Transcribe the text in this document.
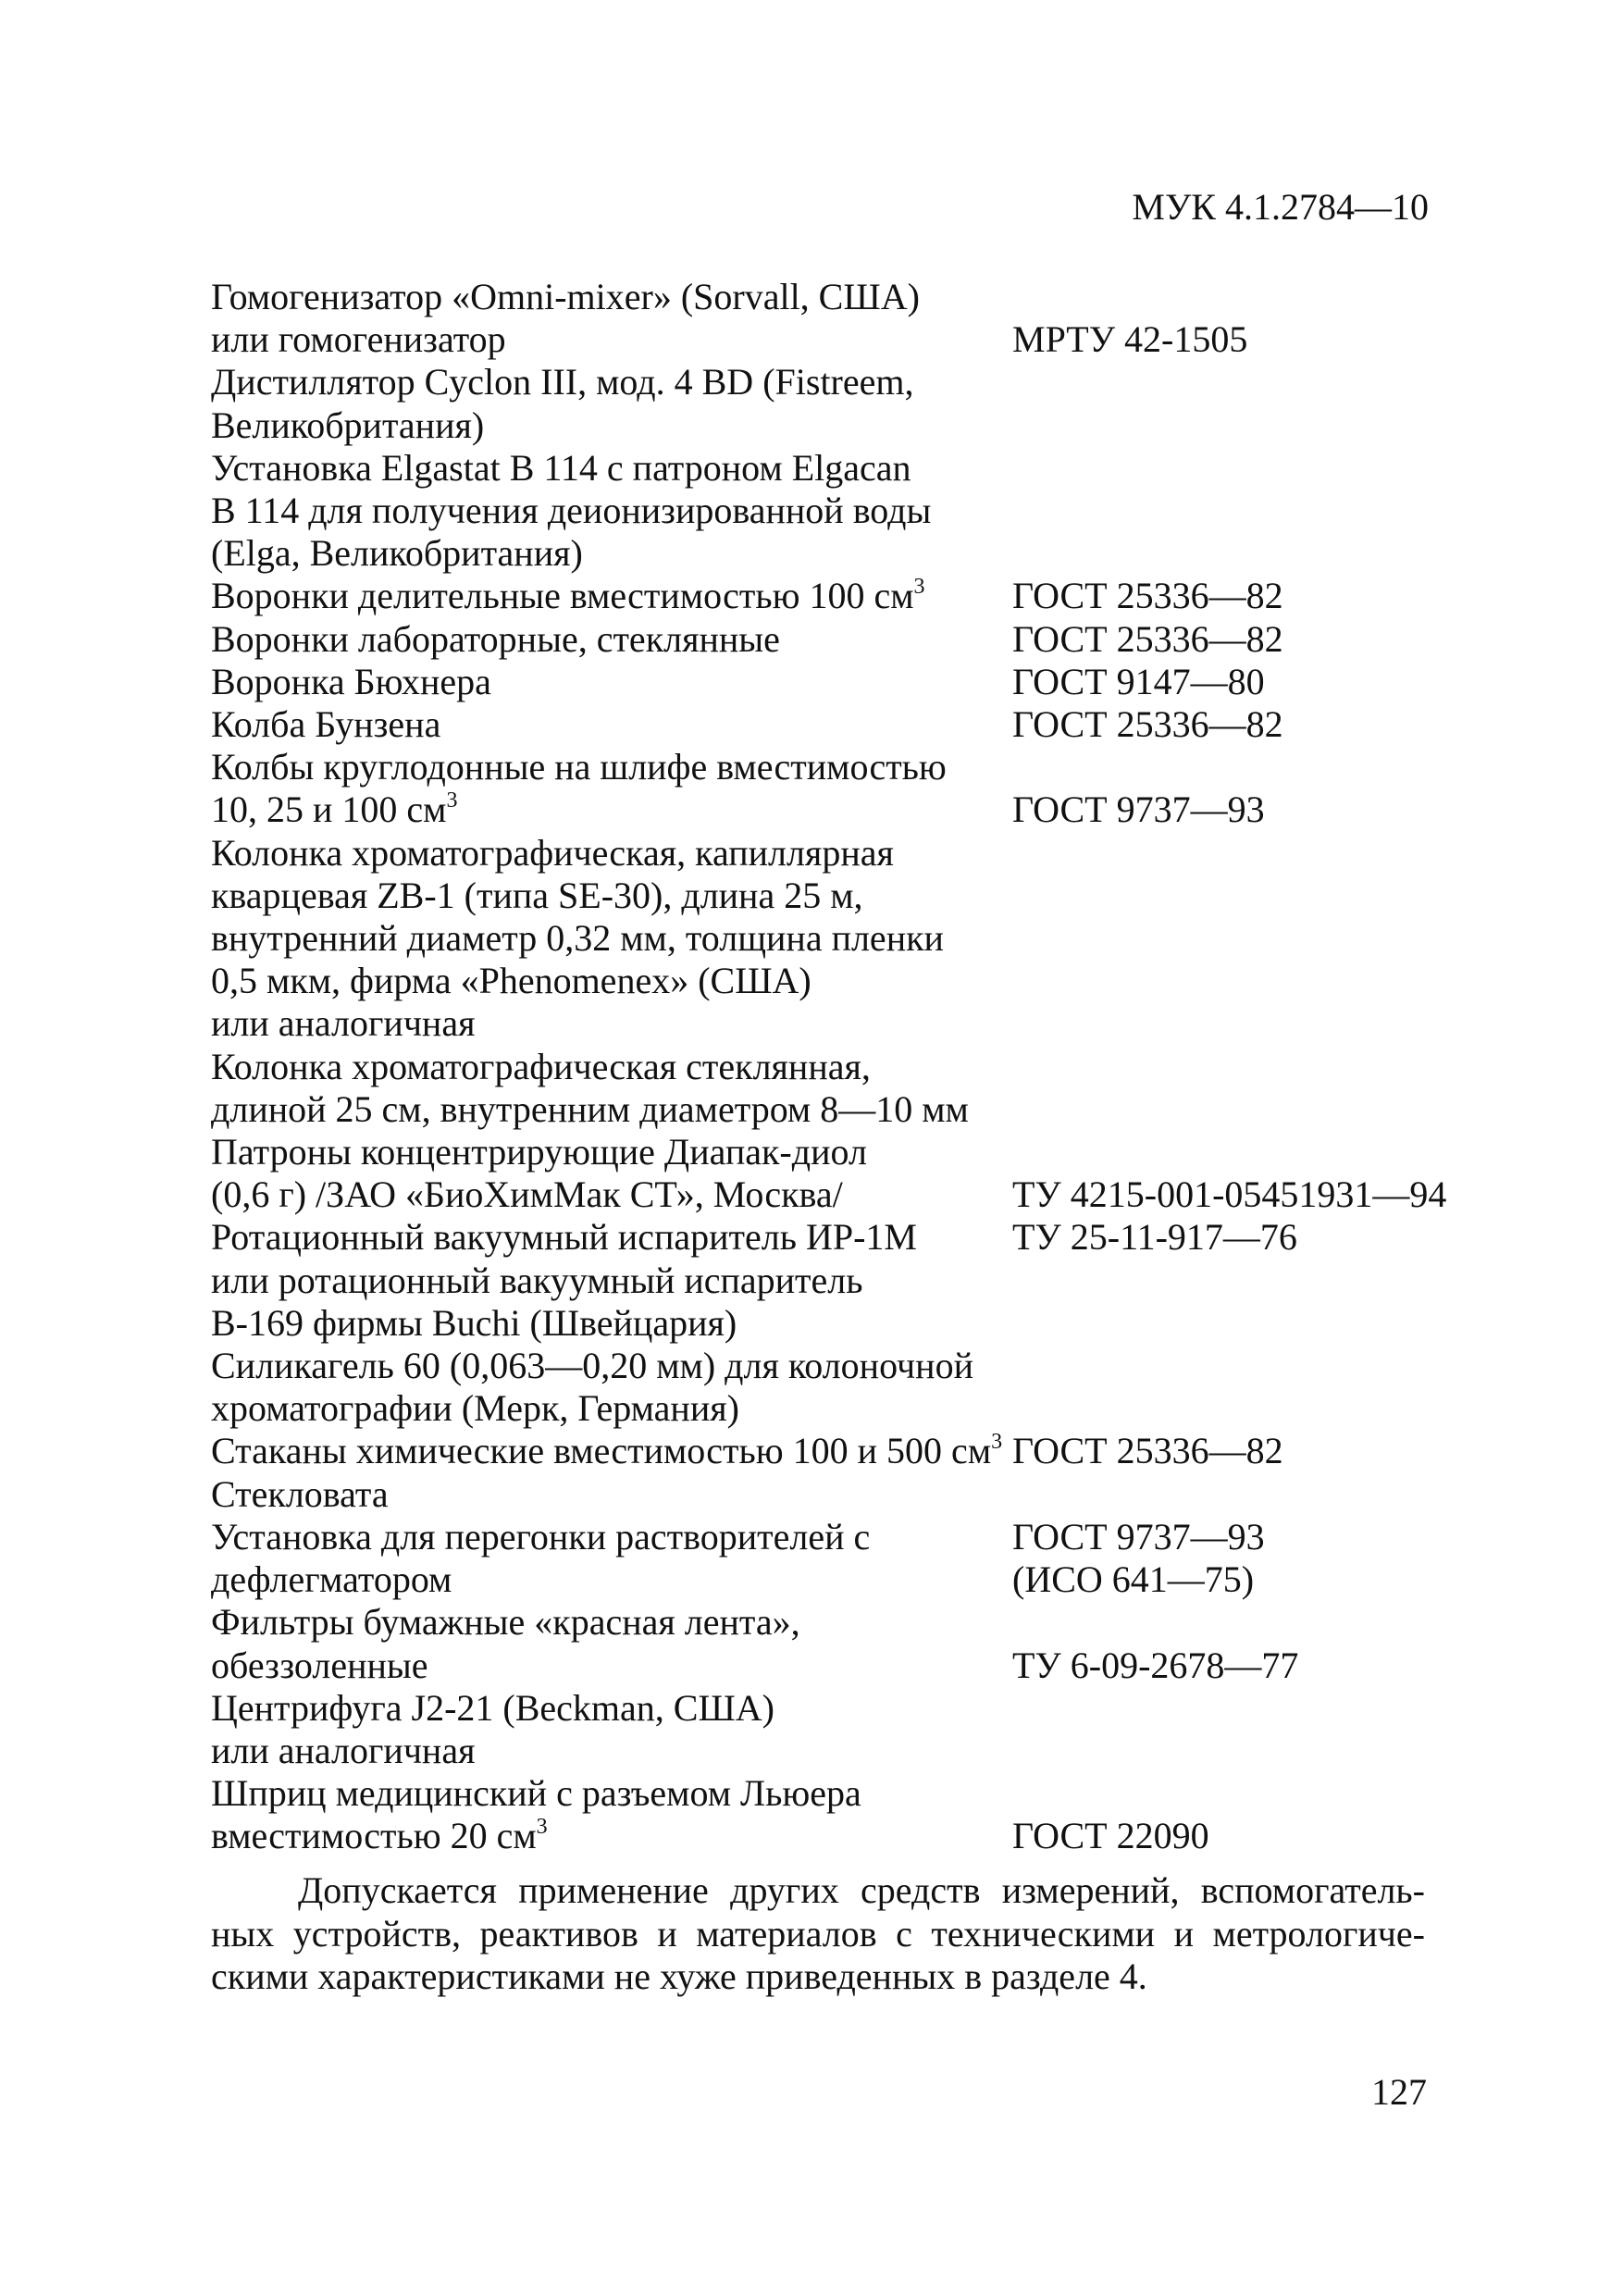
МУК 4.1.2784—10
Гомогенизатор «Omni-mixer» (Sorvall, США)
или гомогенизатор	МРТУ 42-1505
Дистиллятор Cyclon III, мод. 4 BD (Fistreem,
Великобритания)
Установка Elgastat B 114 с патроном Elgacan
B 114 для получения деионизированной воды
(Elga, Великобритания)
Воронки делительные вместимостью 100 $см^3$	ГОСТ 25336—82
Воронки лабораторные, стеклянные	ГОСТ 25336—82
Воронка Бюхнера	ГОСТ 9147—80
Колба Бунзена	ГОСТ 25336—82
Колбы круглодонные на шлифе вместимостью
10, 25 и 100 $см^3$	ГОСТ 9737—93
Колонка хроматографическая, капиллярная
кварцевая ZB-1 (типа SE-30), длина 25 м,
внутренний диаметр 0,32 мм, толщина пленки
0,5 мкм, фирма «Phenomenex» (США)
или аналогичная
Колонка хроматографическая стеклянная,
длиной 25 см, внутренним диаметром 8—10 мм
Патроны концентрирующие Диапак-диол
(0,6 г) /ЗАО «БиоХимМак СТ», Москва/	ТУ 4215-001-05451931—94
Ротационный вакуумный испаритель ИР-1М	ТУ 25-11-917—76
или ротационный вакуумный испаритель
B-169 фирмы Buchi (Швейцария)
Силикагель 60 (0,063—0,20 мм) для колоночной
хроматографии (Мерк, Германия)
Стаканы химические вместимостью 100 и 500 $см^3$ ГОСТ 25336—82
Стекловата
Установка для перегонки растворителей с	ГОСТ 9737—93
дефлегматором	(ИСО 641—75)
Фильтры бумажные «красная лента»,
обеззоленные	ТУ 6-09-2678—77
Центрифуга J2-21 (Beckman, США)
или аналогичная
Шприц медицинский с разъемом Льюера
вместимостью 20 $см^3$	ГОСТ 22090
Допускается применение других средств измерений, вспомогатель- ных устройств, реактивов и материалов с техническими и метрологиче- скими характеристиками не хуже приведенных в разделе 4.
127
